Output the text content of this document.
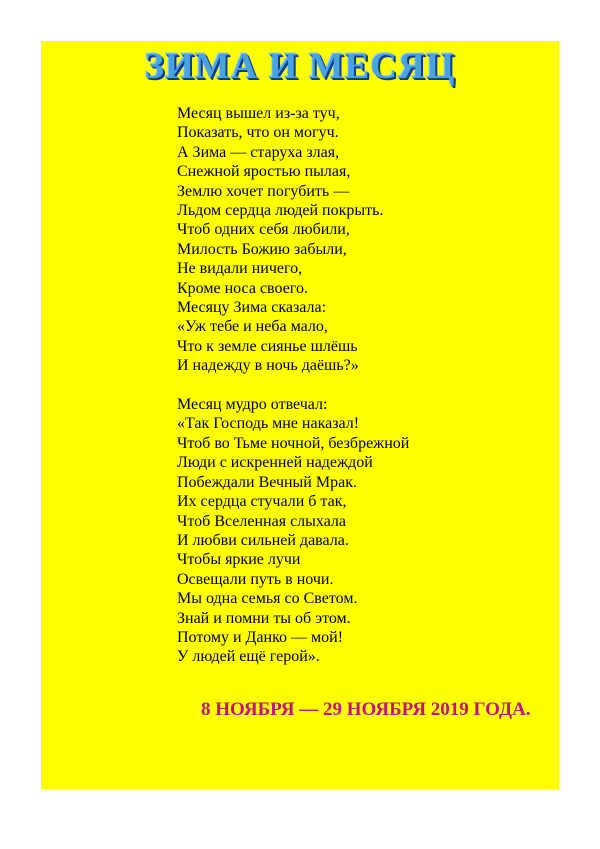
ЗИМА И МЕСЯЦ

Месяц вышел из-за туч,
Показать, что он могуч.
А Зима — старуха злая,
Снежной яростью пылая,
Землю хочет погубить —
Льдом сердца людей покрыть.
Чтоб одних себя любили,
Милость Божию забыли,
Не видали ничего,
Кроме носа своего.
Месяцу Зима сказала:
«Уж тебе и неба мало,
Что к земле сиянье шлёшь
И надежду в ночь даёшь?»

Месяц мудро отвечал:
«Так Господь мне наказал!
Чтоб во Тьме ночной, безбрежной
Люди с искренней надеждой
Побеждали Вечный Мрак.
Их сердца стучали б так,
Чтоб Вселенная слыхала
И любви сильней давала.
Чтобы яркие лучи
Освещали путь в ночи.
Мы одна семья со Светом.
Знай и помни ты об этом.
Потому и Данко — мой!
У людей ещё герой».

8 НОЯБРЯ — 29 НОЯБРЯ 2019 ГОДА.
